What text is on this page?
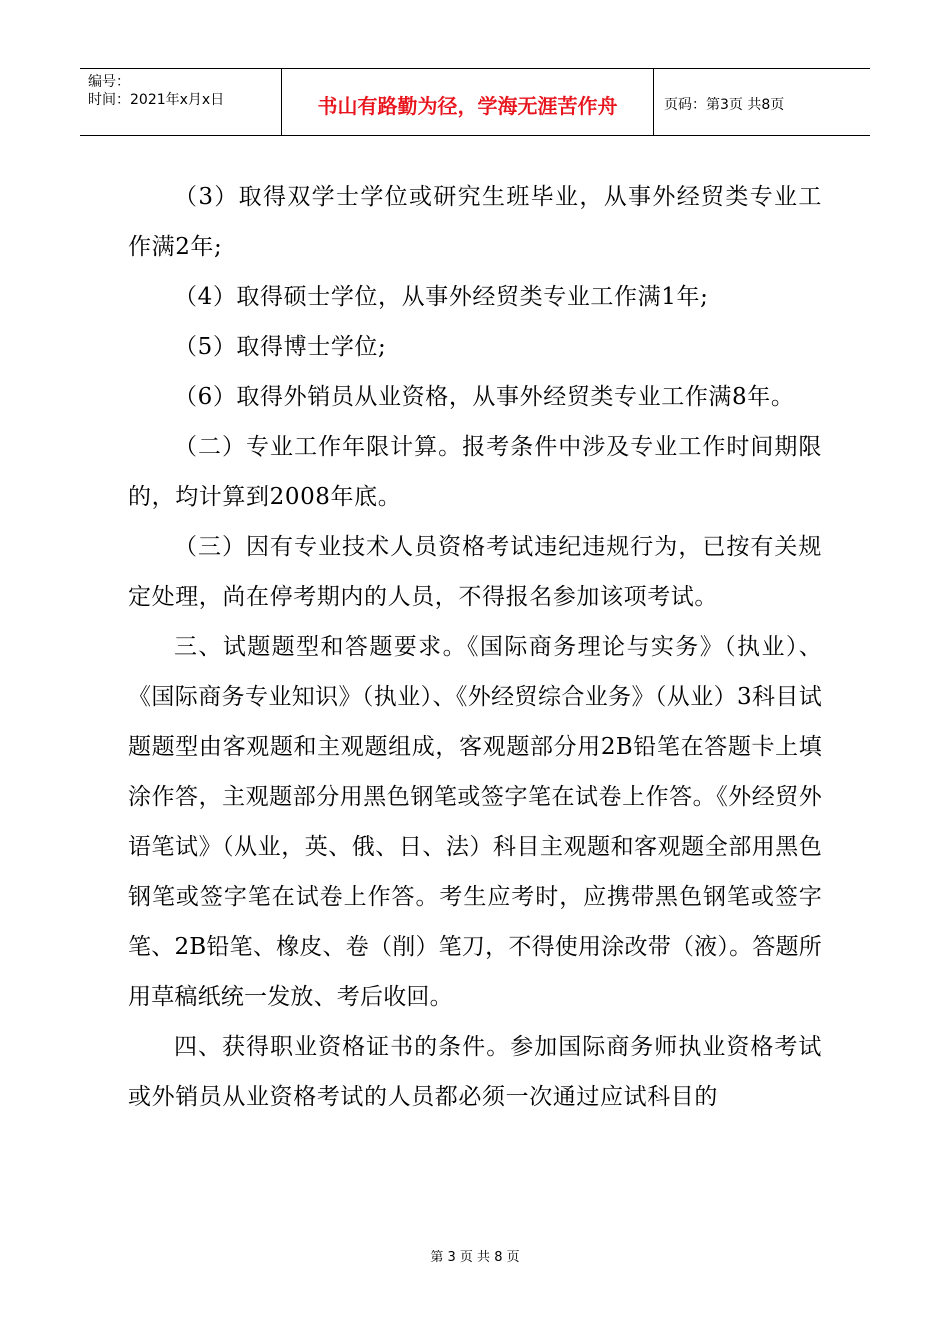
编号：
时间：2021年x月x日	书山有路勤为径，学海无涯苦作舟	页码：第3页 共8页

（3）取得双学士学位或研究生班毕业，从事外经贸类专业工作满2年;

（4）取得硕士学位，从事外经贸类专业工作满1年;

（5）取得博士学位;

（6）取得外销员从业资格，从事外经贸类专业工作满8年。

（二）专业工作年限计算。报考条件中涉及专业工作时间期限的，均计算到2008年底。

（三）因有专业技术人员资格考试违纪违规行为，已按有关规定处理，尚在停考期内的人员，不得报名参加该项考试。

三、试题题型和答题要求。《国际商务理论与实务》（执业）、《国际商务专业知识》（执业）、《外经贸综合业务》（从业）3科目试题题型由客观题和主观题组成，客观题部分用2B铅笔在答题卡上填涂作答，主观题部分用黑色钢笔或签字笔在试卷上作答。《外经贸外语笔试》（从业，英、俄、日、法）科目主观题和客观题全部用黑色钢笔或签字笔在试卷上作答。考生应考时，应携带黑色钢笔或签字笔、2B铅笔、橡皮、卷（削）笔刀，不得使用涂改带（液）。答题所用草稿纸统一发放、考后收回。

四、获得职业资格证书的条件。参加国际商务师执业资格考试或外销员从业资格考试的人员都必须一次通过应试科目的

第 3 页 共 8 页
